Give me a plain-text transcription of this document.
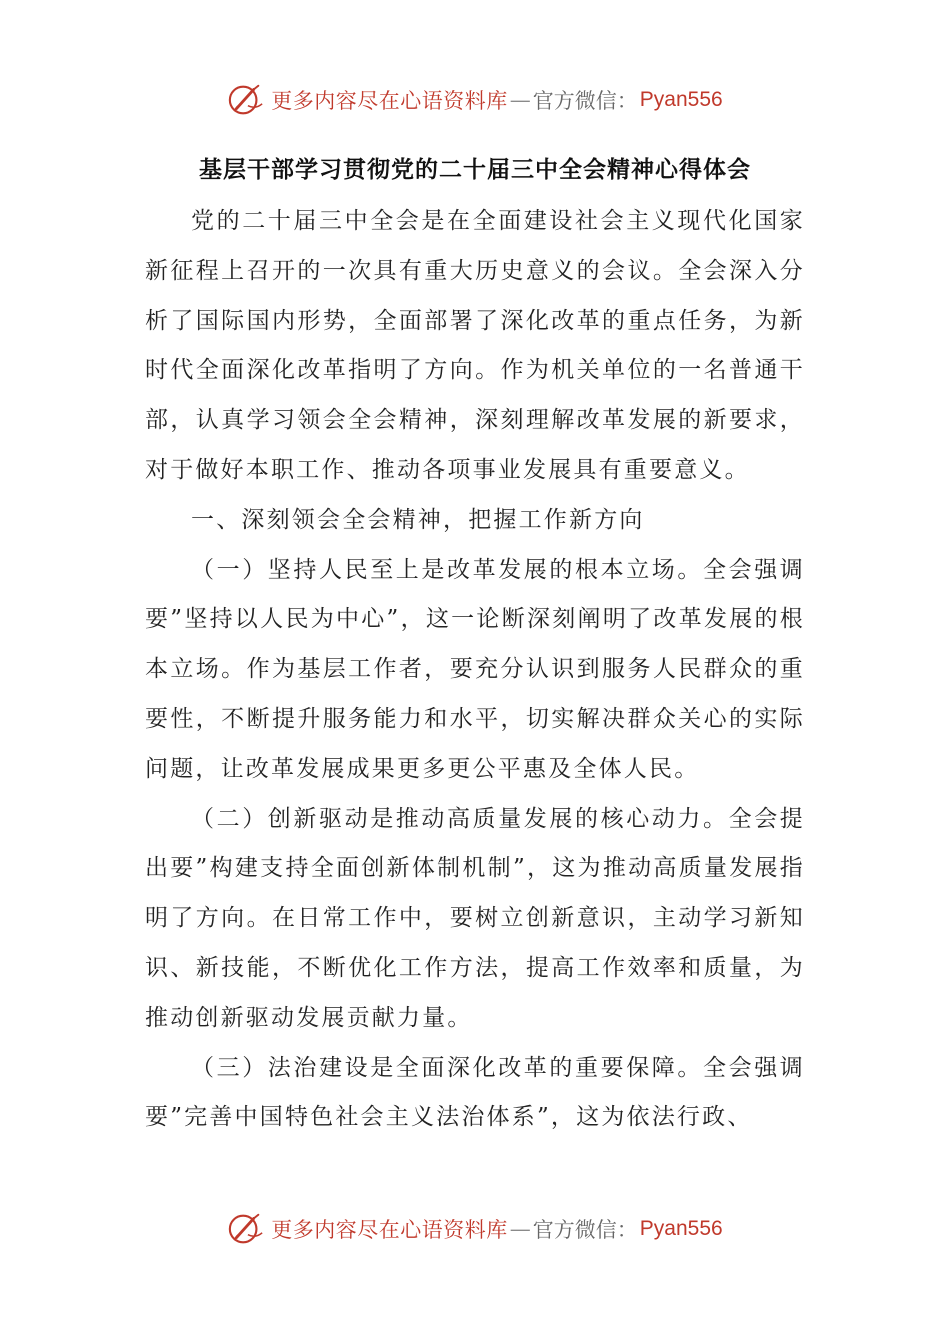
更多内容尽在心语资料库 — 官方微信： Pyan556
基层干部学习贯彻党的二十届三中全会精神心得体会

党的二十届三中全会是在全面建设社会主义现代化国家新征程上召开的一次具有重大历史意义的会议。全会深入分析了国际国内形势，全面部署了深化改革的重点任务，为新时代全面深化改革指明了方向。作为机关单位的一名普通干部，认真学习领会全会精神，深刻理解改革发展的新要求，对于做好本职工作、推动各项事业发展具有重要意义。

一、深刻领会全会精神，把握工作新方向

（一）坚持人民至上是改革发展的根本立场。全会强调要”坚持以人民为中心”，这一论断深刻阐明了改革发展的根本立场。作为基层工作者，要充分认识到服务人民群众的重要性，不断提升服务能力和水平，切实解决群众关心的实际问题，让改革发展成果更多更公平惠及全体人民。

（二）创新驱动是推动高质量发展的核心动力。全会提出要”构建支持全面创新体制机制”，这为推动高质量发展指明了方向。在日常工作中，要树立创新意识，主动学习新知识、新技能，不断优化工作方法，提高工作效率和质量，为推动创新驱动发展贡献力量。

（三）法治建设是全面深化改革的重要保障。全会强调要”完善中国特色社会主义法治体系”，这为依法行政、

更多内容尽在心语资料库 — 官方微信： Pyan556
